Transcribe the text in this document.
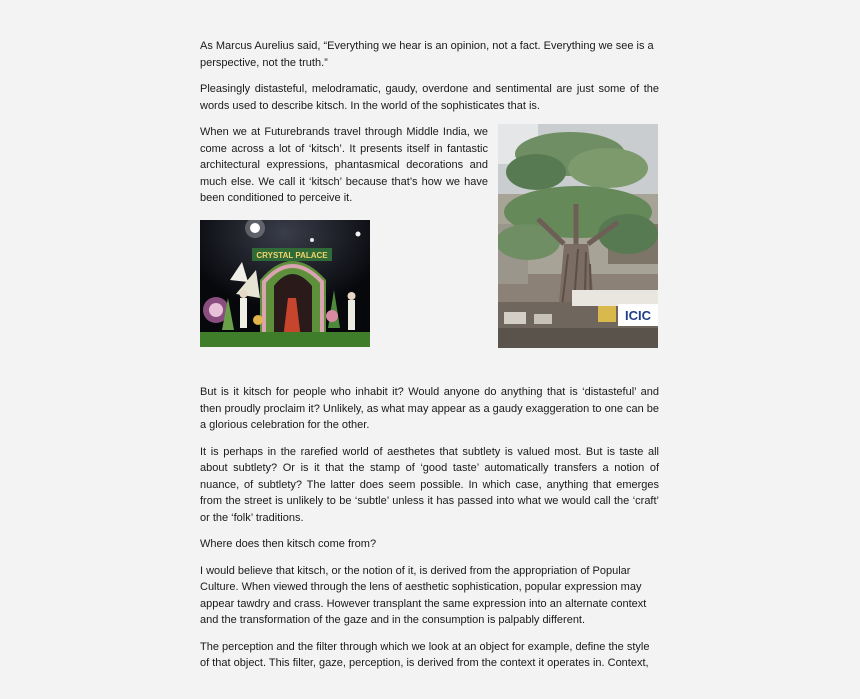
As Marcus Aurelius said, “Everything we hear is an opinion, not a fact. Everything we see is a perspective, not the truth.”

Pleasingly distasteful, melodramatic, gaudy, overdone and sentimental are just some of the words used to describe kitsch. In the world of the sophisticates that is.

When we at Futurebrands travel through Middle India, we come across a lot of ‘kitsch’. It presents itself in fantastic architectural expressions, phantasmical decorations and much else. We call it ‘kitsch’ because that’s how we have been conditioned to perceive it.

CRYSTAL PALACE
ICIC

But is it kitsch for people who inhabit it? Would anyone do anything that is ‘distasteful’ and then proudly proclaim it? Unlikely, as what may appear as a gaudy exaggeration to one can be a glorious celebration for the other.

It is perhaps in the rarefied world of aesthetes that subtlety is valued most. But is taste all about subtlety? Or is it that the stamp of ‘good taste’ automatically transfers a notion of nuance, of subtlety? The latter does seem possible. In which case, anything that emerges from the street is unlikely to be ‘subtle’ unless it has passed into what we would call the ‘craft’ or the ‘folk’ traditions.

Where does then kitsch come from?

I would believe that kitsch, or the notion of it, is derived from the appropriation of Popular Culture. When viewed through the lens of aesthetic sophistication, popular expression may appear tawdry and crass. However transplant the same expression into an alternate context and the transformation of the gaze and in the consumption is palpably different.

The perception and the filter through which we look at an object for example, define the style of that object. This filter, gaze, perception, is derived from the context it operates in. Context,
